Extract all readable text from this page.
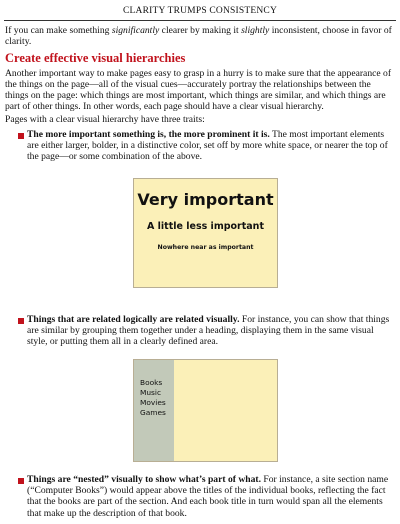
CLARITY TRUMPS CONSISTENCY

If you can make something significantly clearer by making it slightly inconsistent, choose in favor of clarity.

Create effective visual hierarchies

Another important way to make pages easy to grasp in a hurry is to make sure that the appearance of the things on the page—all of the visual cues—accurately portray the relationships between the things on the page: which things are most important, which things are similar, and which things are part of other things. In other words, each page should have a clear visual hierarchy.

Pages with a clear visual hierarchy have three traits:

The more important something is, the more prominent it is. The most important elements are either larger, bolder, in a distinctive color, set off by more white space, or nearer the top of the page—or some combination of the above.
Very important
A little less important
Nowhere near as important
Things that are related logically are related visually. For instance, you can show that things are similar by grouping them together under a heading, displaying them in the same visual style, or putting them all in a clearly defined area.
Books
Music
Movies
Games
Things are “nested” visually to show what’s part of what. For instance, a site section name (“Computer Books”) would appear above the titles of the individual books, reflecting the fact that the books are part of the section. And each book title in turn would span all the elements that make up the description of that book.
